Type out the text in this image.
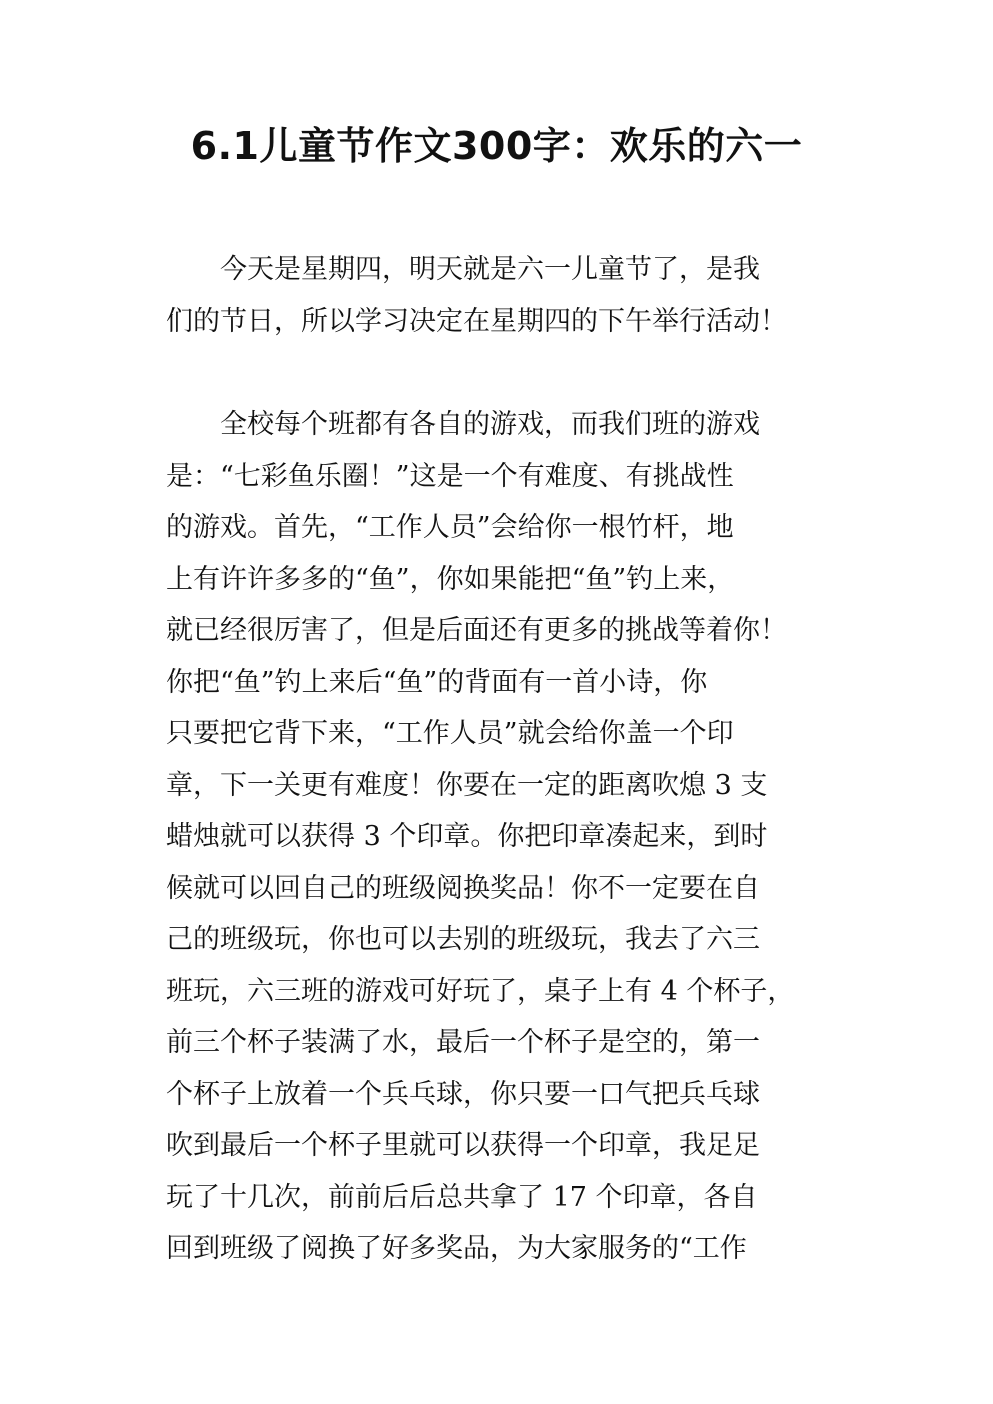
6.1儿童节作文300字：欢乐的六一
　　今天是星期四，明天就是六一儿童节了，是我
们的节日，所以学习决定在星期四的下午举行活动！
　　全校每个班都有各自的游戏，而我们班的游戏
是：“七彩鱼乐圈！”这是一个有难度、有挑战性
的游戏。首先，“工作人员”会给你一根竹杆，地
上有许许多多的“鱼”，你如果能把“鱼”钓上来，
就已经很厉害了，但是后面还有更多的挑战等着你！
你把“鱼”钓上来后“鱼”的背面有一首小诗，你
只要把它背下来，“工作人员”就会给你盖一个印
章，下一关更有难度！你要在一定的距离吹熄 3 支
蜡烛就可以获得 3 个印章。你把印章凑起来，到时
候就可以回自己的班级阅换奖品！你不一定要在自
己的班级玩，你也可以去别的班级玩，我去了六三
班玩，六三班的游戏可好玩了，桌子上有 4 个杯子，
前三个杯子装满了水，最后一个杯子是空的，第一
个杯子上放着一个兵乓球，你只要一口气把兵乓球
吹到最后一个杯子里就可以获得一个印章，我足足
玩了十几次，前前后后总共拿了 17 个印章，各自
回到班级了阅换了好多奖品，为大家服务的“工作
